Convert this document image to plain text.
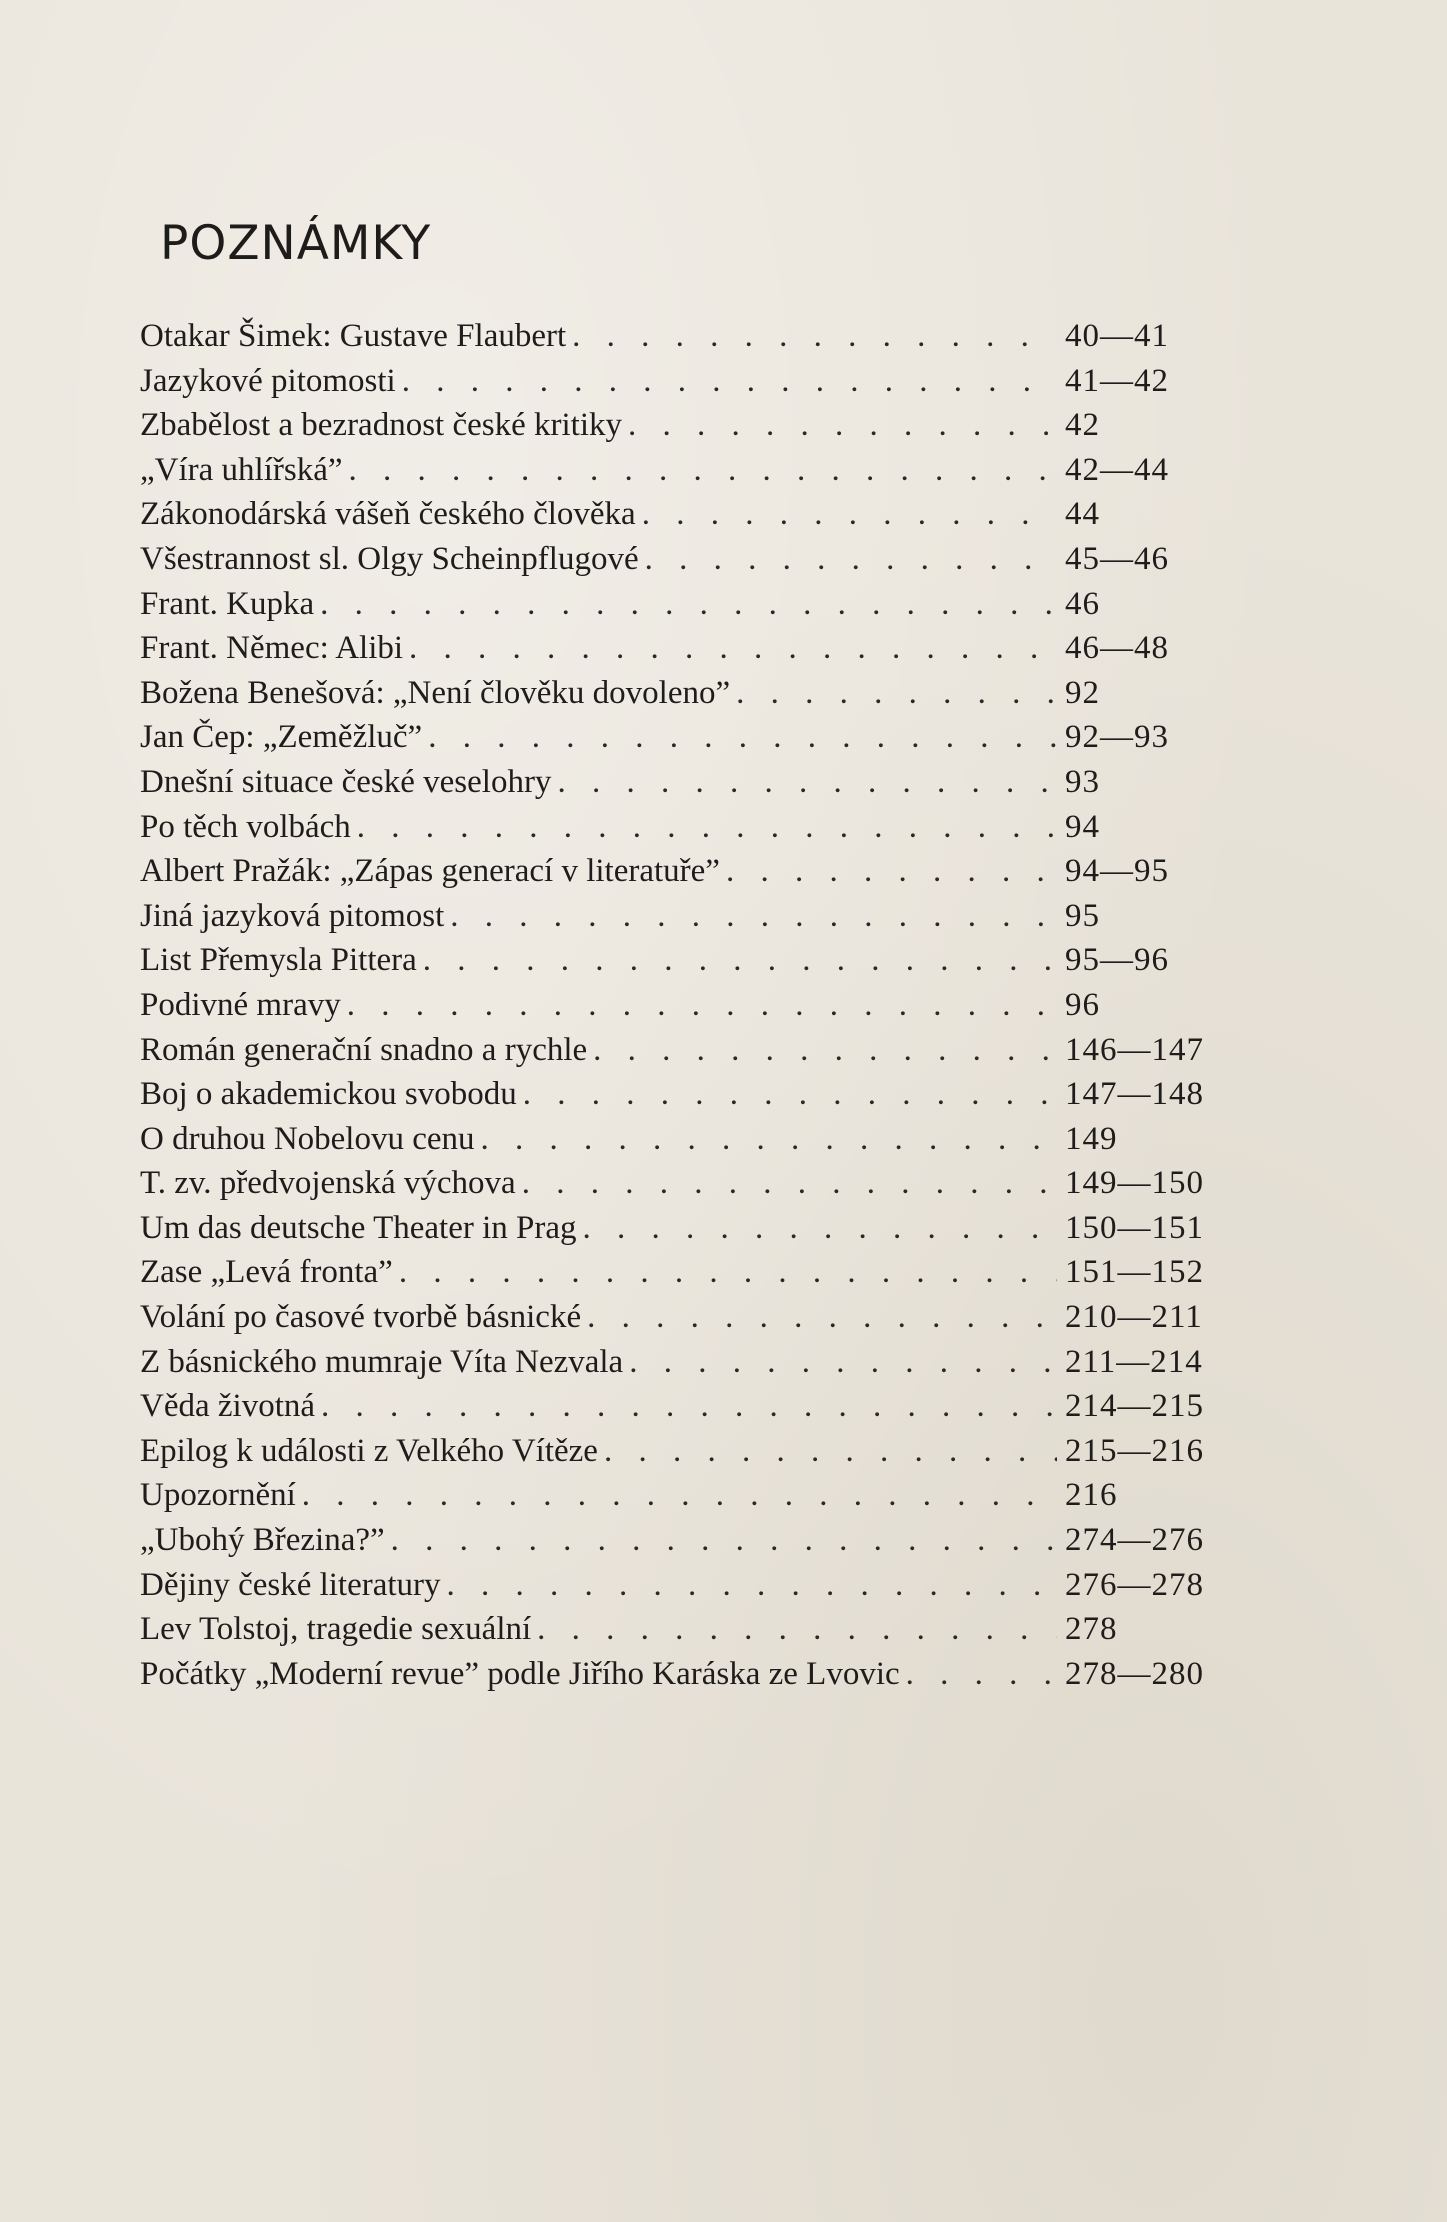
POZNÁMKY
Otakar Šimek: Gustave Flaubert . . .	40—41
Jazykové pitomosti . . .	41—42
Zbabělost a bezradnost české kritiky . . .	42
„Víra uhlířská” . . .	42—44
Zákonodárská vášeň českého člověka . . .	44
Všestrannost sl. Olgy Scheinpflugové . . .	45—46
Frant. Kupka . . .	46
Frant. Němec: Alibi . . .	46—48
Božena Benešová: „Není člověku dovoleno” . . .	92
Jan Čep: „Zeměžluč” . . .	92—93
Dnešní situace české veselohry . . .	93
Po těch volbách . . .	94
Albert Pražák: „Zápas generací v literatuře” . . .	94—95
Jiná jazyková pitomost . . .	95
List Přemysla Pittera . . .	95—96
Podivné mravy . . .	96
Román generační snadno a rychle . . .	146—147
Boj o akademickou svobodu . . .	147—148
O druhou Nobelovu cenu . . .	149
T. zv. předvojenská výchova . . .	149—150
Um das deutsche Theater in Prag . . .	150—151
Zase „Levá fronta” . . .	151—152
Volání po časové tvorbě básnické . . .	210—211
Z básnického mumraje Víta Nezvala . . .	211—214
Věda životná . . .	214—215
Epilog k události z Velkého Vítěze . . .	215—216
Upozornění . . .	216
„Ubohý Březina?” . . .	274—276
Dějiny české literatury . . .	276—278
Lev Tolstoj, tragedie sexuální . . .	278
Počátky „Moderní revue” podle Jiřího Karáska ze Lvovic . . .	278—280
